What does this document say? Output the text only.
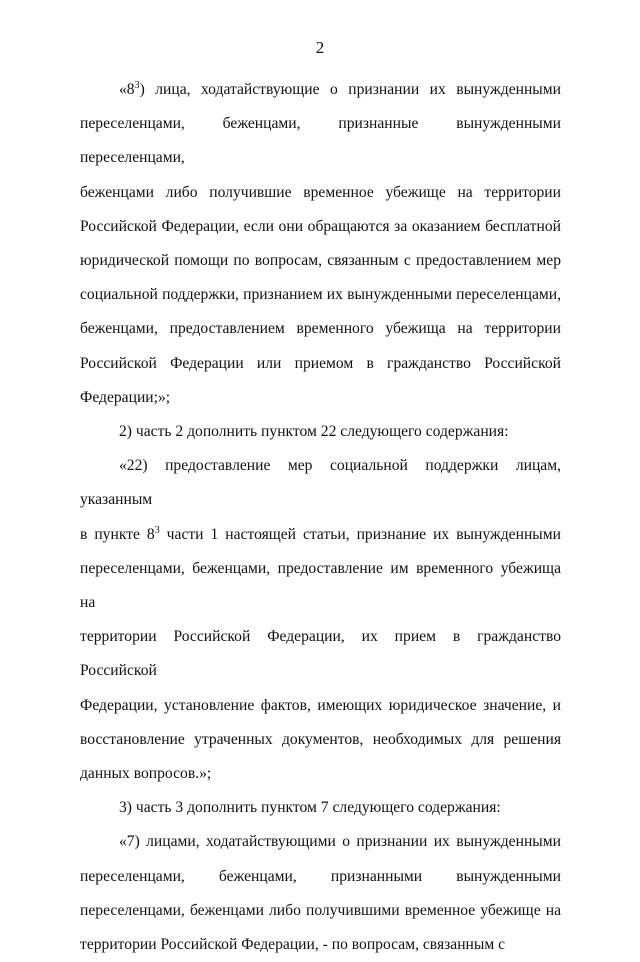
2

«$8^3$) лица, ходатайствующие о признании их вынужденными
переселенцами, беженцами, признанные вынужденными переселенцами,
беженцами либо получившие временное убежище на территории
Российской Федерации, если они обращаются за оказанием бесплатной
юридической помощи по вопросам, связанным с предоставлением мер
социальной поддержки, признанием их вынужденными переселенцами,
беженцами, предоставлением временного убежища на территории
Российской Федерации или приемом в гражданство Российской
Федерации;»;

2) часть 2 дополнить пунктом 22 следующего содержания:

«22) предоставление мер социальной поддержки лицам, указанным
в пункте $8^3$ части 1 настоящей статьи, признание их вынужденными
переселенцами, беженцами, предоставление им временного убежища на
территории Российской Федерации, их прием в гражданство Российской
Федерации, установление фактов, имеющих юридическое значение, и
восстановление утраченных документов, необходимых для решения
данных вопросов.»;

3) часть 3 дополнить пунктом 7 следующего содержания:

«7) лицами, ходатайствующими о признании их вынужденными
переселенцами, беженцами, признанными вынужденными
переселенцами, беженцами либо получившими временное убежище на
территории Российской Федерации, - по вопросам, связанным с
